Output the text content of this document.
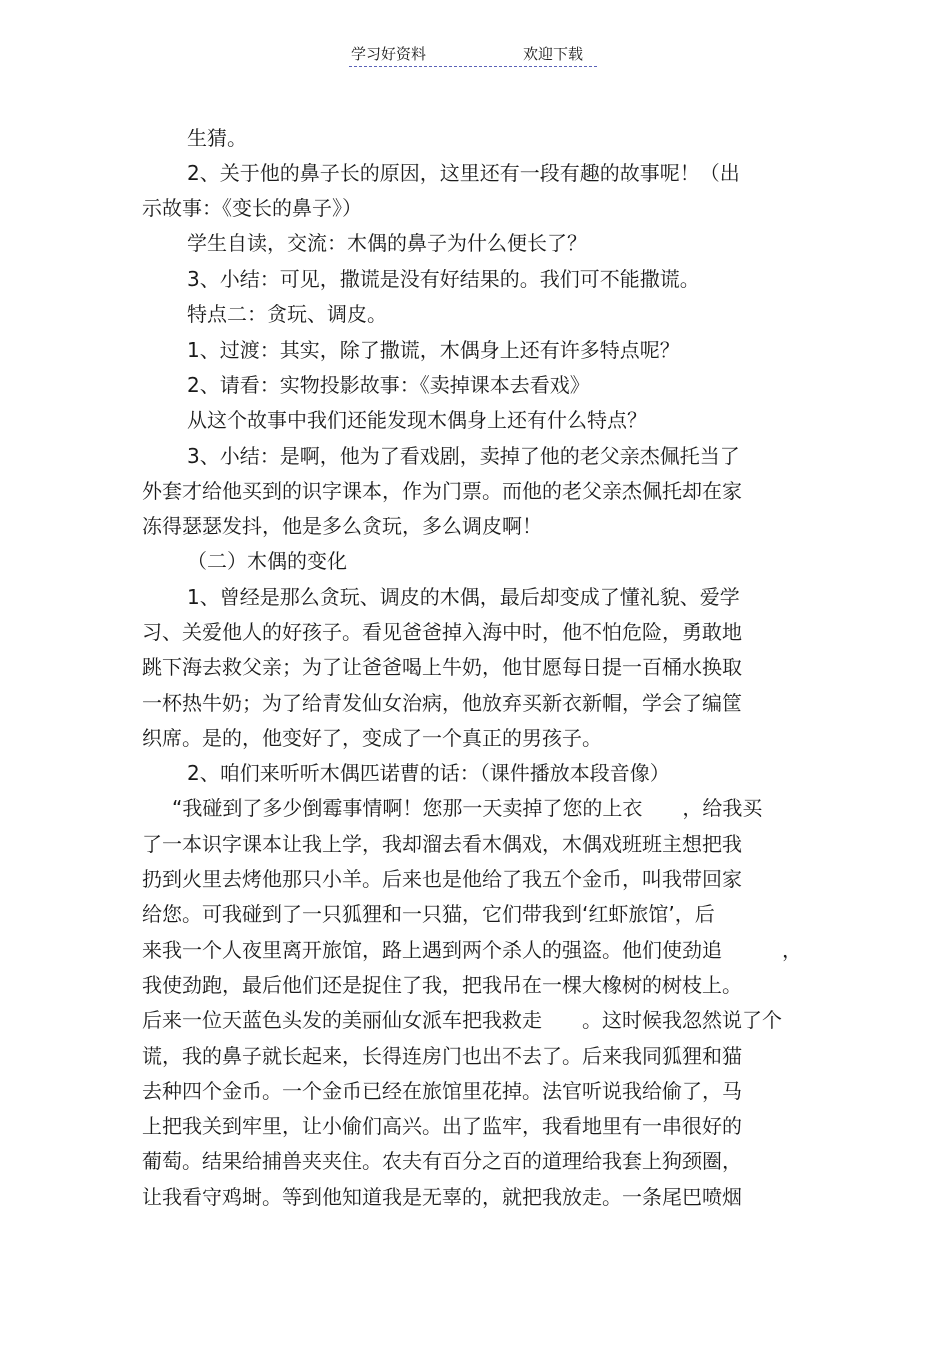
学习好资料	欢迎下载
生猜。
2、关于他的鼻子长的原因，这里还有一段有趣的故事呢！（出
示故事：《变长的鼻子》）
学生自读，交流：木偶的鼻子为什么便长了？
3、小结：可见，撒谎是没有好结果的。我们可不能撒谎。
特点二：贪玩、调皮。
1、过渡：其实，除了撒谎，木偶身上还有许多特点呢？
2、请看：实物投影故事：《卖掉课本去看戏》
从这个故事中我们还能发现木偶身上还有什么特点？
3、小结：是啊，他为了看戏剧，卖掉了他的老父亲杰佩托当了
外套才给他买到的识字课本，作为门票。而他的老父亲杰佩托却在家
冻得瑟瑟发抖，他是多么贪玩，多么调皮啊！
（二）木偶的变化
1、曾经是那么贪玩、调皮的木偶，最后却变成了懂礼貌、爱学
习、关爱他人的好孩子。看见爸爸掉入海中时，他不怕危险，勇敢地
跳下海去救父亲；为了让爸爸喝上牛奶，他甘愿每日提一百桶水换取
一杯热牛奶；为了给青发仙女治病，他放弃买新衣新帽，学会了编筐
织席。是的，他变好了，变成了一个真正的男孩子。
2、咱们来听听木偶匹诺曹的话：（课件播放本段音像）
“我碰到了多少倒霉事情啊！您那一天卖掉了您的上衣　　，给我买
了一本识字课本让我上学，我却溜去看木偶戏，木偶戏班班主想把我
扔到火里去烤他那只小羊。后来也是他给了我五个金币，叫我带回家
给您。可我碰到了一只狐狸和一只猫，它们带我到‘红虾旅馆’，后
来我一个人夜里离开旅馆，路上遇到两个杀人的强盗。他们使劲追　　　，
我使劲跑，最后他们还是捉住了我，把我吊在一棵大橡树的树枝上。
后来一位天蓝色头发的美丽仙女派车把我救走　　。这时候我忽然说了个
谎，我的鼻子就长起来，长得连房门也出不去了。后来我同狐狸和猫
去种四个金币。一个金币已经在旅馆里花掉。法官听说我给偷了，马
上把我关到牢里，让小偷们高兴。出了监牢，我看地里有一串很好的
葡萄。结果给捕兽夹夹住。农夫有百分之百的道理给我套上狗颈圈，
让我看守鸡埘。等到他知道我是无辜的，就把我放走。一条尾巴喷烟
